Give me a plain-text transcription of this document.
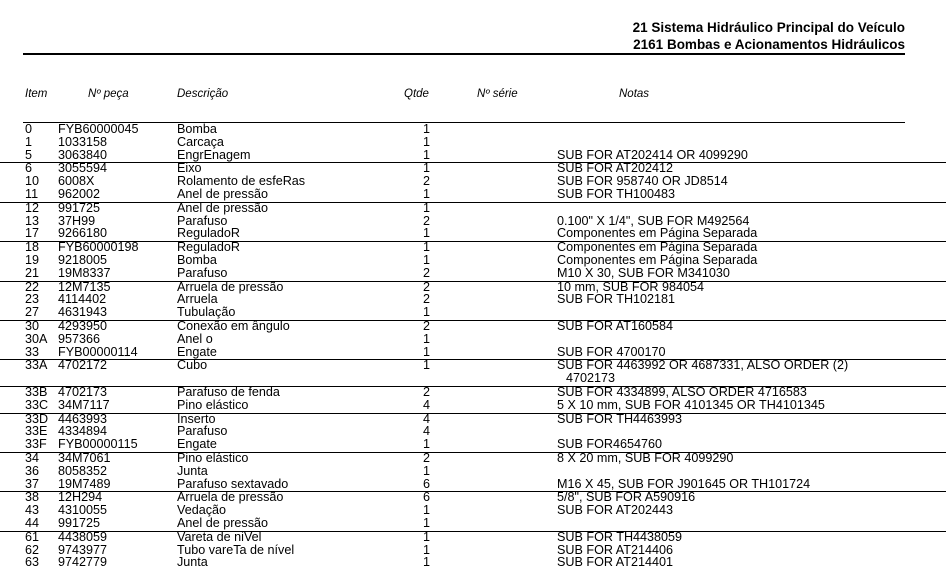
21 Sistema Hidráulico Principal do Veículo
2161 Bombas e Acionamentos Hidráulicos
Item	Nº peça	Descrição	Qtde	Nº série	Notas
0 FYB60000045	Bomba	1
1 1033158	Carcaça	1
5 3063840	EngrEnagem	1	SUB FOR AT202414 OR 4099290
6 3055594	Eixo	1	SUB FOR AT202412
10 6008X	Rolamento de esfeRas	2	SUB FOR 958740 OR JD8514
11 962002	Anel de pressão	1	SUB FOR TH100483
12 991725	Anel de pressão	1
13 37H99	Parafuso	2	0.100" X 1/4", SUB FOR M492564
17 9266180	ReguladoR	1	Componentes em Página Separada
18 FYB60000198	ReguladoR	1	Componentes em Página Separada
19 9218005	Bomba	1	Componentes em Página Separada
21 19M8337	Parafuso	2	M10 X 30, SUB FOR M341030
22 12M7135	Arruela de pressão	2	10 mm, SUB FOR 984054
23 4114402	Arruela	2	SUB FOR TH102181
27 4631943	Tubulação	1
30 4293950	Conexão em ângulo	2	SUB FOR AT160584
30A 957366	Anel o	1
33 FYB00000114	Engate	1	SUB FOR 4700170
33A 4702172	Cubo	1	SUB FOR 4463992 OR 4687331, ALSO ORDER (2)
4702173
33B 4702173	Parafuso de fenda	2	SUB FOR 4334899, ALSO ORDER 4716583
33C 34M7117	Pino elástico	4	5 X 10 mm, SUB FOR 4101345 OR TH4101345
33D 4463993	Inserto	4	SUB FOR TH4463993
33E 4334894	Parafuso	4
33F FYB00000115	Engate	1	SUB FOR4654760
34 34M7061	Pino elástico	2	8 X 20 mm, SUB FOR 4099290
36 8058352	Junta	1
37 19M7489	Parafuso sextavado	6	M16 X 45, SUB FOR J901645 OR TH101724
38 12H294	Arruela de pressão	6	5/8", SUB FOR A590916
43 4310055	Vedação	1	SUB FOR AT202443
44 991725	Anel de pressão	1
61 4438059	Vareta de niVel	1	SUB FOR TH4438059
62 9743977	Tubo vareTa de nível	1	SUB FOR AT214406
63 9742779	Junta	1	SUB FOR AT214401
